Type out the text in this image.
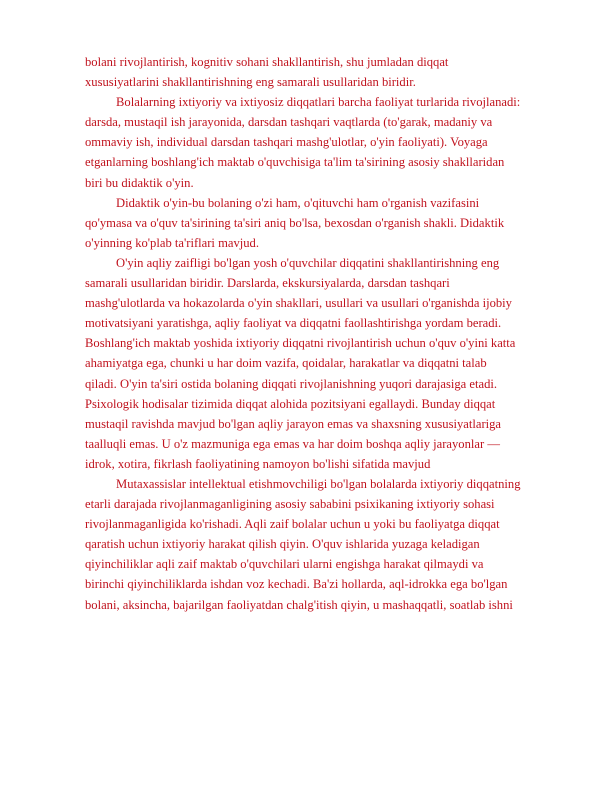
bolani rivojlantirish, kognitiv sohani shakllantirish, shu jumladan diqqat
xususiyatlarini shakllantirishning eng samarali usullaridan biridir.
Bolalarning ixtiyoriy va ixtiyosiz diqqatlari barcha faoliyat turlarida rivojlanadi:
darsda, mustaqil ish jarayonida, darsdan tashqari vaqtlarda (to'garak, madaniy va
ommaviy ish, individual darsdan tashqari mashg'ulotlar, o'yin faoliyati). Voyaga
etganlarning boshlang'ich maktab o'quvchisiga ta'lim ta'sirining asosiy shakllaridan
biri bu didaktik o'yin.
Didaktik o'yin-bu bolaning o'zi ham, o'qituvchi ham o'rganish vazifasini
qo'ymasa va o'quv ta'sirining ta'siri aniq bo'lsa, bexosdan o'rganish shakli. Didaktik
o'yinning ko'plab ta'riflari mavjud.
O'yin aqliy zaifligi bo'lgan yosh o'quvchilar diqqatini shakllantirishning eng
samarali usullaridan biridir. Darslarda, ekskursiyalarda, darsdan tashqari
mashg'ulotlarda va hokazolarda o'yin shakllari, usullari va usullari o'rganishda ijobiy
motivatsiyani yaratishga, aqliy faoliyat va diqqatni faollashtirishga yordam beradi.
Boshlang'ich maktab yoshida ixtiyoriy diqqatni rivojlantirish uchun o'quv o'yini katta
ahamiyatga ega, chunki u har doim vazifa, qoidalar, harakatlar va diqqatni talab
qiladi. O'yin ta'siri ostida bolaning diqqati rivojlanishning yuqori darajasiga etadi.
Psixologik hodisalar tizimida diqqat alohida pozitsiyani egallaydi. Bunday diqqat
mustaqil ravishda mavjud bo'lgan aqliy jarayon emas va shaxsning xususiyatlariga
taalluqli emas. U o'z mazmuniga ega emas va har doim boshqa aqliy jarayonlar —
idrok, xotira, fikrlash faoliyatining namoyon bo'lishi sifatida mavjud
Mutaxassislar intellektual etishmovchiligi bo'lgan bolalarda ixtiyoriy diqqatning
etarli darajada rivojlanmaganligining asosiy sababini psixikaning ixtiyoriy sohasi
rivojlanmaganligida ko'rishadi. Aqli zaif bolalar uchun u yoki bu faoliyatga diqqat
qaratish uchun ixtiyoriy harakat qilish qiyin. O'quv ishlarida yuzaga keladigan
qiyinchiliklar aqli zaif maktab o'quvchilari ularni engishga harakat qilmaydi va
birinchi qiyinchiliklarda ishdan voz kechadi. Ba'zi hollarda, aql-idrokka ega bo'lgan
bolani, aksincha, bajarilgan faoliyatdan chalg'itish qiyin, u mashaqqatli, soatlab ishni
